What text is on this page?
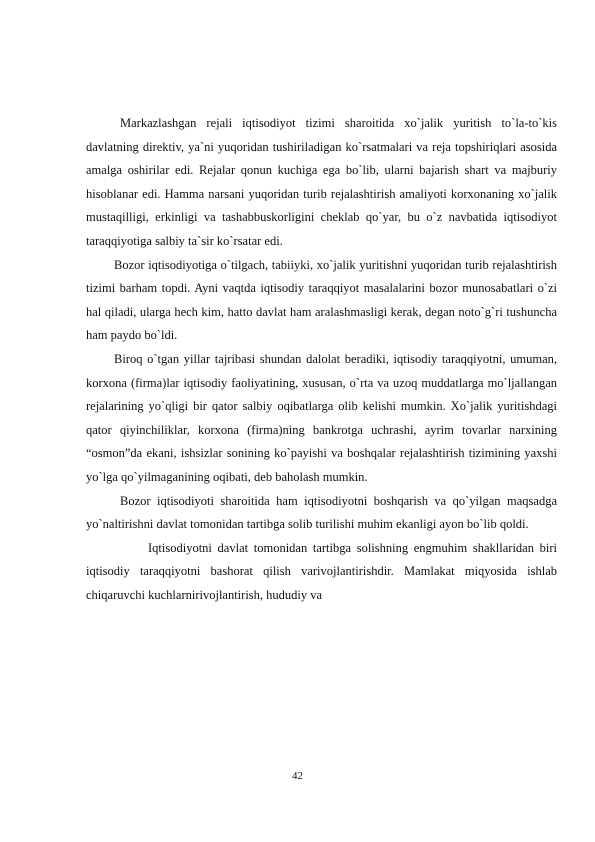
Markazlashgan rejali iqtisodiyot tizimi sharoitida xo`jalik yuritish to`la-to`kis davlatning direktiv, ya`ni yuqoridan tushiriladigan ko`rsatmalari va reja topshiriqlari asosida amalga oshirilar edi. Rejalar qonun kuchiga ega bo`lib, ularni bajarish shart va majburiy hisoblanar edi. Hamma narsani yuqoridan turib rejalashtirish amaliyoti korxonaning xo`jalik mustaqilligi, erkinligi va tashabbuskorligini cheklab qo`yar, bu o`z navbatida iqtisodiyot taraqqiyotiga salbiy ta`sir ko`rsatar edi.

Bozor iqtisodiyotiga o`tilgach, tabiiyki, xo`jalik yuritishni yuqoridan turib rejalashtirish tizimi barham topdi. Ayni vaqtda iqtisodiy taraqqiyot masalalarini bozor munosabatlari o`zi hal qiladi, ularga hech kim, hatto davlat ham aralashmasligi kerak, degan noto`g`ri tushuncha ham paydo bo`ldi.

Biroq o`tgan yillar tajribasi shundan dalolat beradiki, iqtisodiy taraqqiyotni, umuman, korxona (firma)lar iqtisodiy faoliyatining, xususan, o`rta va uzoq muddatlarga mo`ljallangan rejalarining yo`qligi bir qator salbiy oqibatlarga olib kelishi mumkin. Xo`jalik yuritishdagi qator qiyinchiliklar, korxona (firma)ning bankrotga uchrashi, ayrim tovarlar narxining “osmon”da ekani, ishsizlar sonining ko`payishi va boshqalar rejalashtirish tizimining yaxshi yo`lga qo`yilmaganining oqibati, deb baholash mumkin.

Bozor iqtisodiyoti sharoitida ham iqtisodiyotni boshqarish va qo`yilgan maqsadga yo`naltirishni davlat tomonidan tartibga solib turilishi muhim ekanligi ayon bo`lib qoldi.

Iqtisodiyotni davlat tomonidan tartibga solishning engmuhim shakllaridan biri iqtisodiy taraqqiyotni bashorat qilish varivojlantirishdir. Mamlakat miqyosida ishlab chiqaruvchi kuchlarnirivojlantirish, hududiy va

42
